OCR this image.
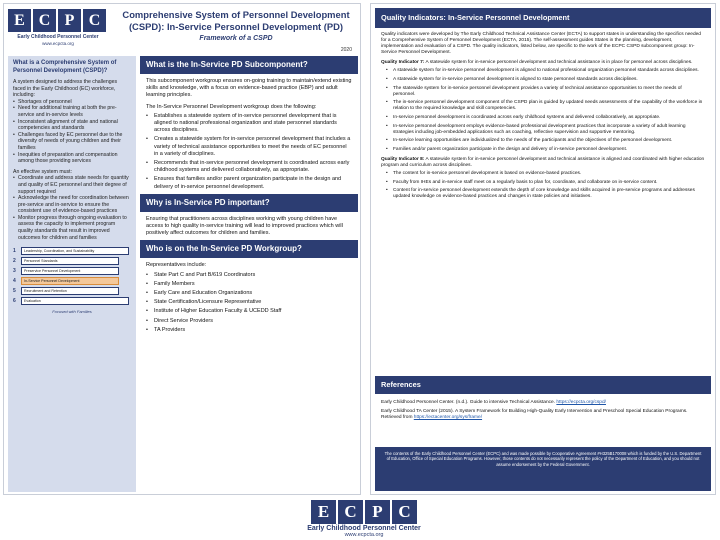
E C P C
Early Childhood Personnel Center
www.ecpcta.org
Comprehensive System of Personnel Development (CSPD): In-Service Personnel Development (PD)
Framework of a CSPD
2020
What is a Comprehensive System of Personnel Development (CSPD)?
A system designed to address the challenges faced in the Early Childhood (EC) workforce, including:
• Shortages of personnel
• Need for additional training at both the pre-service and in-service levels
• Inconsistent alignment of state and national competencies and standards
• Challenges faced by EC personnel due to the diversity of needs of young children and their families
• Inequities of preparation and compensation among those providing services
An effective system must:
• Coordinate and address state needs for quantity and quality of EC personnel and their degree of support required
• Acknowledge the need for coordination between pre-service and in-service to ensure the consistent use of evidence-based practices
• Monitor progress through ongoing evaluation to assess the capacity to implement program quality standards that result in improved outcomes for children and families
1	Leadership, Coordination, and Sustainability
2	Personnel Standards
3	Preservice Personnel Development
4	In-Service Personnel Development
5	Recruitment and Retention
6	Evaluation
Focused with Families
What is the In-Service PD Subcomponent?

This subcomponent workgroup ensures on-going training to maintain/extend existing skills and knowledge, with a focus on evidence-based practice (EBP) and adult learning principles.

The In-Service Personnel Development workgroup does the following:

• Establishes a statewide system of in-service personnel development that is aligned to national professional organization and state personnel standards across disciplines.
• Creates a statewide system for in-service personnel development that includes a variety of technical assistance opportunities to meet the needs of EC personnel in a variety of disciplines.
• Recommends that in-service personnel development is coordinated across early childhood systems and delivered collaboratively, as appropriate.
• Ensures that families and/or parent organization participate in the design and delivery of in-service personnel development.
Why is In-Service PD important?

Ensuring that practitioners across disciplines working with young children have access to high quality in-service training will lead to improved practices which will positively affect outcomes for children and families.

Who is on the In-Service PD Workgroup?

Representatives include:

• State Part C and Part B/619 Coordinators
• Family Members
• Early Care and Education Organizations
• State Certification/Licensure Representative
• Institute of Higher Education Faculty & UCEDD Staff
• Direct Service Providers
• TA Providers
Quality Indicators: In-Service Personnel Development

Quality indicators were developed by The Early Childhood Technical Assistance Center (ECTA) to support states in understanding the specifics needed for a Comprehensive System of Personnel Development (ECTA, 2015). The self-assessment guides States in the planning, development, implementation and evaluation of a CSPD. The quality indicators, listed below, are specific to the work of the ECPC CSPD subcomponent group: In-Service Personnel Development.

Quality Indicator 7: A statewide system for in-service personnel development and technical assistance is in place for personnel across disciplines.

• A statewide system for in-service personnel development is aligned to national professional organization personnel standards across disciplines.
• A statewide system for in-service personnel development is aligned to state personnel standards across disciplines.
• The statewide system for in-service personnel development provides a variety of technical assistance opportunities to meet the needs of personnel.
• The in-service personnel development component of the CSPD plan is guided by updated needs assessments of the capability of the workforce in relation to the required knowledge and skill competencies.
• In-service personnel development is coordinated across early childhood systems and delivered collaboratively, as appropriate.
• In-service personnel development employs evidence-based professional development practices that incorporate a variety of adult learning strategies including job-embedded applications such as coaching, reflective supervision and supportive mentoring.
• In-service learning opportunities are individualized to the needs of the participants and the objectives of the personnel development.
• Families and/or parent organization participate in the design and delivery of in-service personnel development.

Quality Indicator 8: A statewide system for in-service personnel development and technical assistance is aligned and coordinated with higher education program and curriculum across disciplines.

• The content for in-service personnel development is based on evidence-based practices.
• Faculty from IHEs and in-service staff meet on a regularly basis to plan for, coordinate, and collaborate on in-service content.
• Content for in-service personnel development extends the depth of core knowledge and skills acquired in pre-service programs and addresses updated knowledge on evidence-based practices and changes in state policies and initiatives.
References

Early Childhood Personnel Center. (n.d.). Guide to intensive Technical Assistance. https://ecpcta.org/cspd/

Early Childhood TA Center (2015). A System Framework for Building High-Quality Early Intervention and Preschool Special Education Programs. Retrieved from https://ectacenter.org/sys/frame/

The contents of the Early Childhood Personnel Center (ECPC) and was made possible by Cooperative Agreement #H325B170008 which is funded by the U.S. Department of Education, Office of Special Education Programs. However, those contents do not necessarily represent the policy of the Department of Education, and you should not assume endorsement by the Federal Government.
E C P C
Early Childhood Personnel Center
www.ecpcta.org
